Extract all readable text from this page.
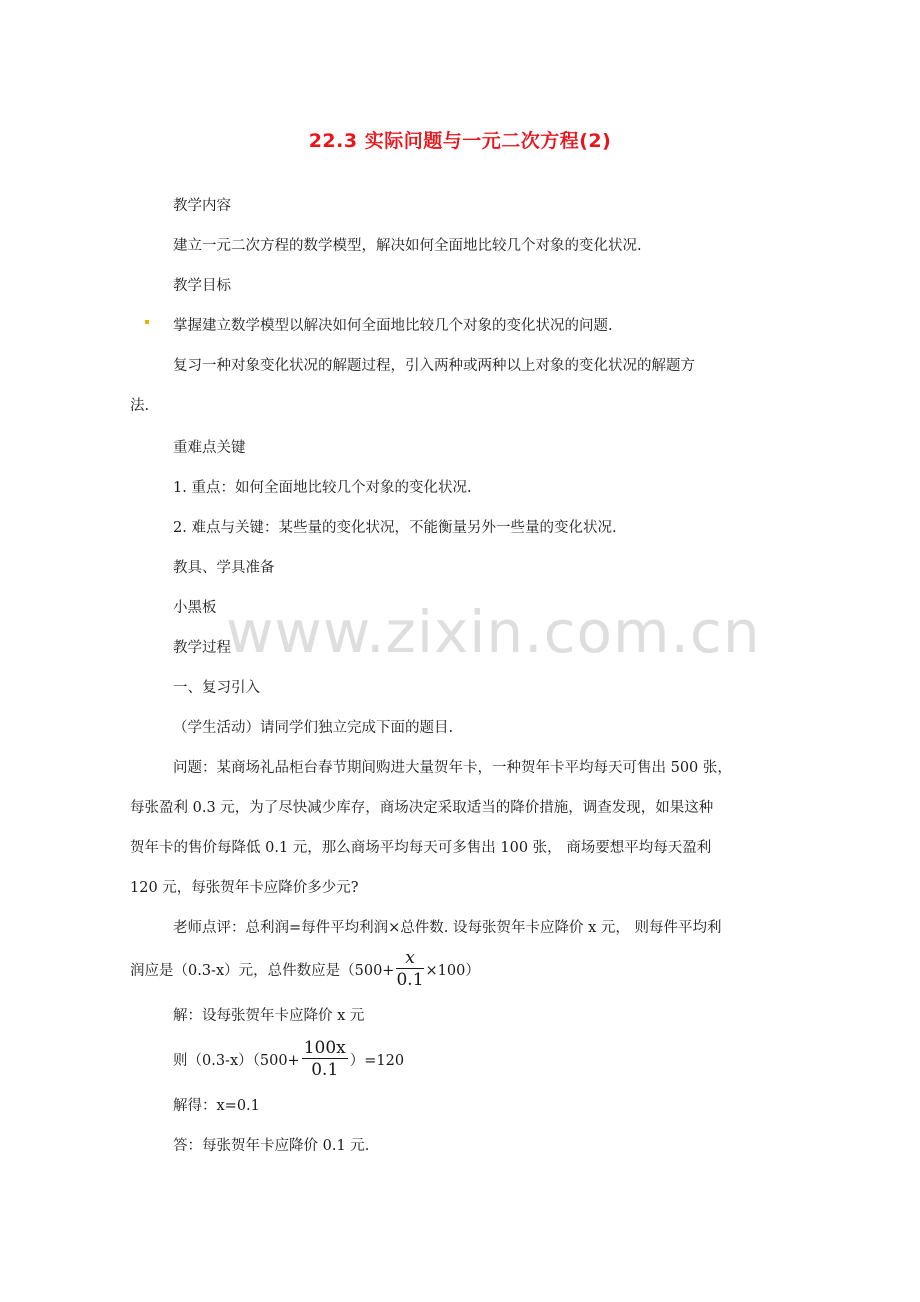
22.3 实际问题与一元二次方程(2)
www.zixin.com.cn
教学内容
建立一元二次方程的数学模型，解决如何全面地比较几个对象的变化状况.
教学目标
掌握建立数学模型以解决如何全面地比较几个对象的变化状况的问题.
复习一种对象变化状况的解题过程，引入两种或两种以上对象的变化状况的解题方
法.
重难点关键
1. 重点：如何全面地比较几个对象的变化状况.
2. 难点与关键：某些量的变化状况，不能衡量另外一些量的变化状况.
教具、学具准备
小黑板
教学过程
一、复习引入
（学生活动）请同学们独立完成下面的题目.
问题：某商场礼品柜台春节期间购进大量贺年卡，一种贺年卡平均每天可售出 500 张，
每张盈利 0.3 元，为了尽快减少库存，商场决定采取适当的降价措施，调查发现，如果这种
贺年卡的售价每降低 0.1 元，那么商场平均每天可多售出 100 张， 商场要想平均每天盈利
120 元，每张贺年卡应降价多少元?
老师点评：总利润=每件平均利润×总件数. 设每张贺年卡应降价 x 元， 则每件平均利
润应是（0.3-x）元，总件数应是$(500+ \frac{x}{0.1} \times 100)$
解：设每张贺年卡应降价 x 元
则$(0.3-x)(500+ \frac{100x}{0.1} )=120$
解得：x=0.1
答：每张贺年卡应降价 0.1 元.
